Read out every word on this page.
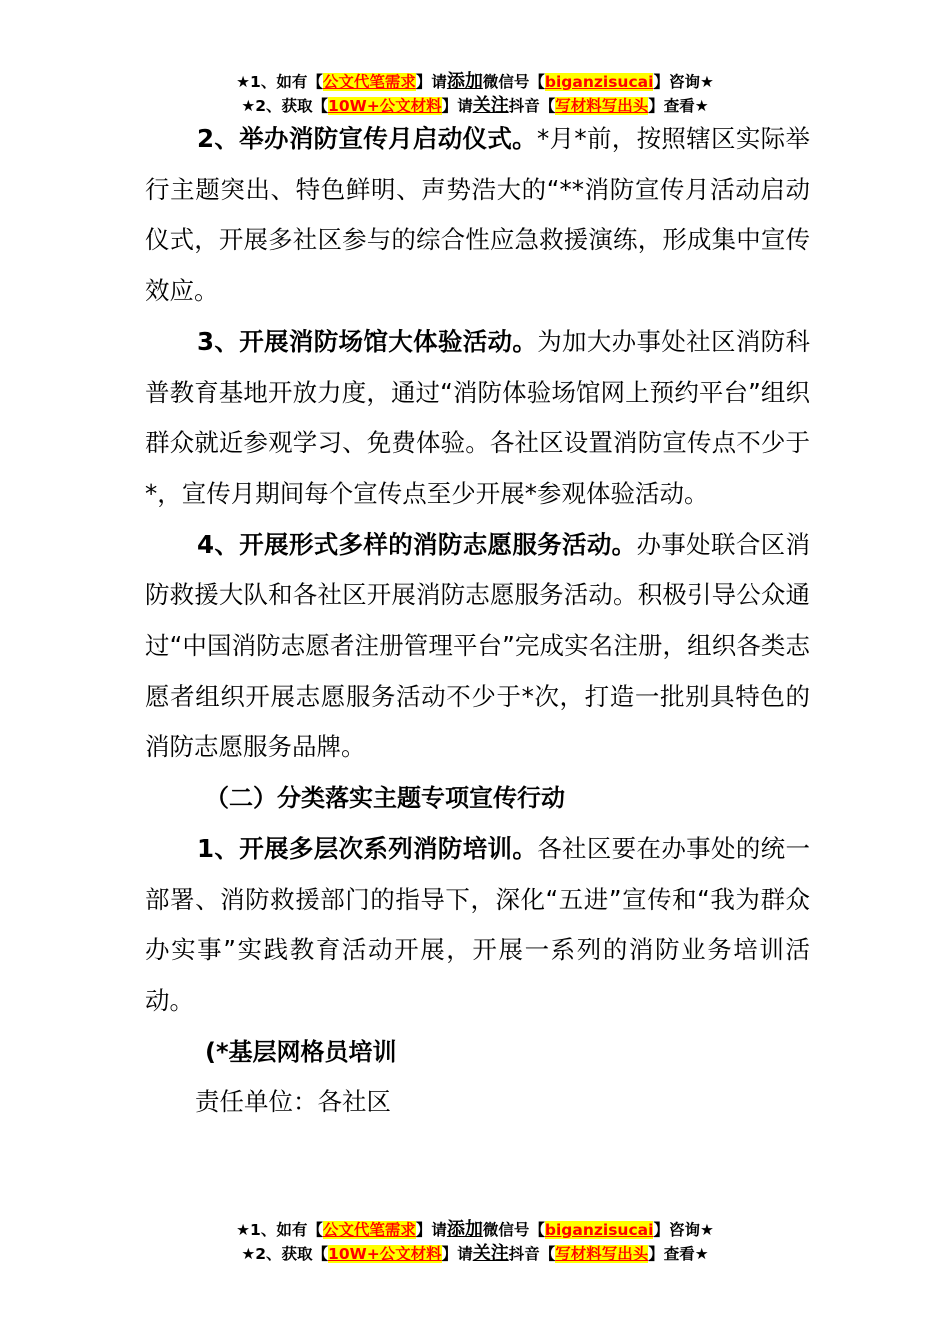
★1、如有【公文代笔需求】请添加微信号【biganzisucai】咨询★
★2、获取【10W+公文材料】请关注抖音【写材料写出头】查看★

2、举办消防宣传月启动仪式。*月*前，按照辖区实际举行主题突出、特色鲜明、声势浩大的“**消防宣传月活动启动仪式，开展多社区参与的综合性应急救援演练，形成集中宣传效应。

3、开展消防场馆大体验活动。为加大办事处社区消防科普教育基地开放力度，通过“消防体验场馆网上预约平台”组织群众就近参观学习、免费体验。各社区设置消防宣传点不少于*，宣传月期间每个宣传点至少开展*参观体验活动。

4、开展形式多样的消防志愿服务活动。办事处联合区消防救援大队和各社区开展消防志愿服务活动。积极引导公众通过“中国消防志愿者注册管理平台”完成实名注册，组织各类志愿者组织开展志愿服务活动不少于*次，打造一批别具特色的消防志愿服务品牌。

（二）分类落实主题专项宣传行动

1、开展多层次系列消防培训。各社区要在办事处的统一部署、消防救援部门的指导下，深化“五进”宣传和“我为群众办实事”实践教育活动开展，开展一系列的消防业务培训活动。

(*基层网格员培训

责任单位：各社区

★1、如有【公文代笔需求】请添加微信号【biganzisucai】咨询★
★2、获取【10W+公文材料】请关注抖音【写材料写出头】查看★
